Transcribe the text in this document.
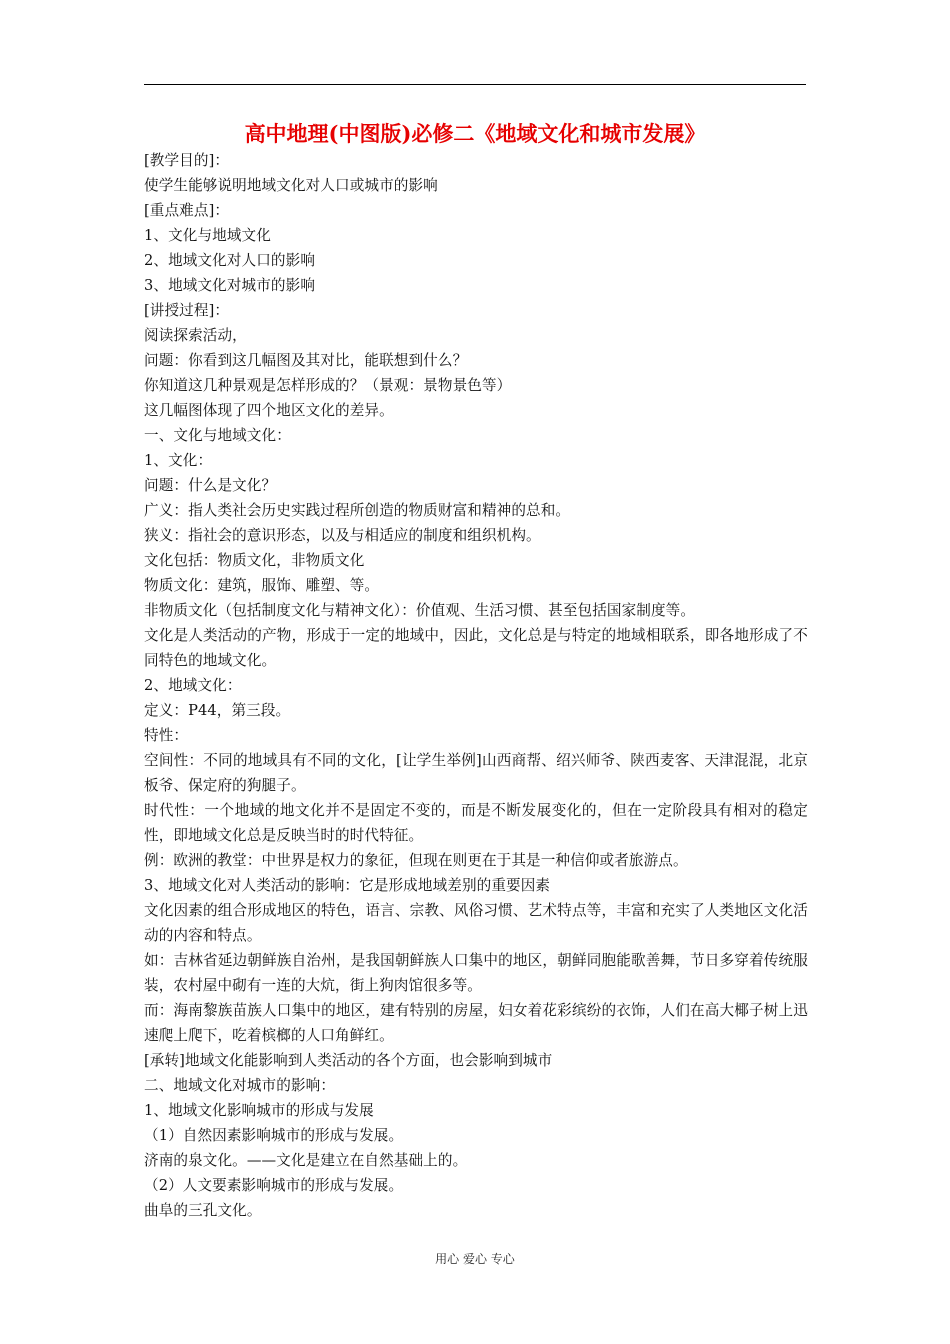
高中地理(中图版)必修二《地域文化和城市发展》
[教学目的]：
使学生能够说明地域文化对人口或城市的影响
[重点难点]：
1、文化与地域文化
2、地域文化对人口的影响
3、地域文化对城市的影响
[讲授过程]：
阅读探索活动，
问题：你看到这几幅图及其对比，能联想到什么？
你知道这几种景观是怎样形成的？（景观：景物景色等）
这几幅图体现了四个地区文化的差异。
一、文化与地域文化：
1、文化：
问题：什么是文化？
广义：指人类社会历史实践过程所创造的物质财富和精神的总和。
狭义：指社会的意识形态，以及与相适应的制度和组织机构。
文化包括：物质文化，非物质文化
物质文化：建筑，服饰、雕塑、等。
非物质文化（包括制度文化与精神文化）：价值观、生活习惯、甚至包括国家制度等。
文化是人类活动的产物，形成于一定的地域中，因此，文化总是与特定的地域相联系，即各地形成了不同特色的地域文化。
2、地域文化：
定义：P44，第三段。
特性：
空间性：不同的地域具有不同的文化，[让学生举例]山西商帮、绍兴师爷、陕西麦客、天津混混，北京板爷、保定府的狗腿子。
时代性：一个地域的地文化并不是固定不变的，而是不断发展变化的，但在一定阶段具有相对的稳定性，即地域文化总是反映当时的时代特征。
例：欧洲的教堂：中世界是权力的象征，但现在则更在于其是一种信仰或者旅游点。
3、地域文化对人类活动的影响：它是形成地域差别的重要因素
文化因素的组合形成地区的特色，语言、宗教、风俗习惯、艺术特点等，丰富和充实了人类地区文化活动的内容和特点。
如：吉林省延边朝鲜族自治州，是我国朝鲜族人口集中的地区，朝鲜同胞能歌善舞，节日多穿着传统服装，农村屋中砌有一连的大炕，街上狗肉馆很多等。
而：海南黎族苗族人口集中的地区，建有特别的房屋，妇女着花彩缤纷的衣饰，人们在高大椰子树上迅速爬上爬下，吃着槟榔的人口角鲜红。
[承转]地域文化能影响到人类活动的各个方面，也会影响到城市
二、地域文化对城市的影响：
1、地域文化影响城市的形成与发展
（1）自然因素影响城市的形成与发展。
济南的泉文化。——文化是建立在自然基础上的。
（2）人文要素影响城市的形成与发展。
曲阜的三孔文化。
用心 爱心 专心
